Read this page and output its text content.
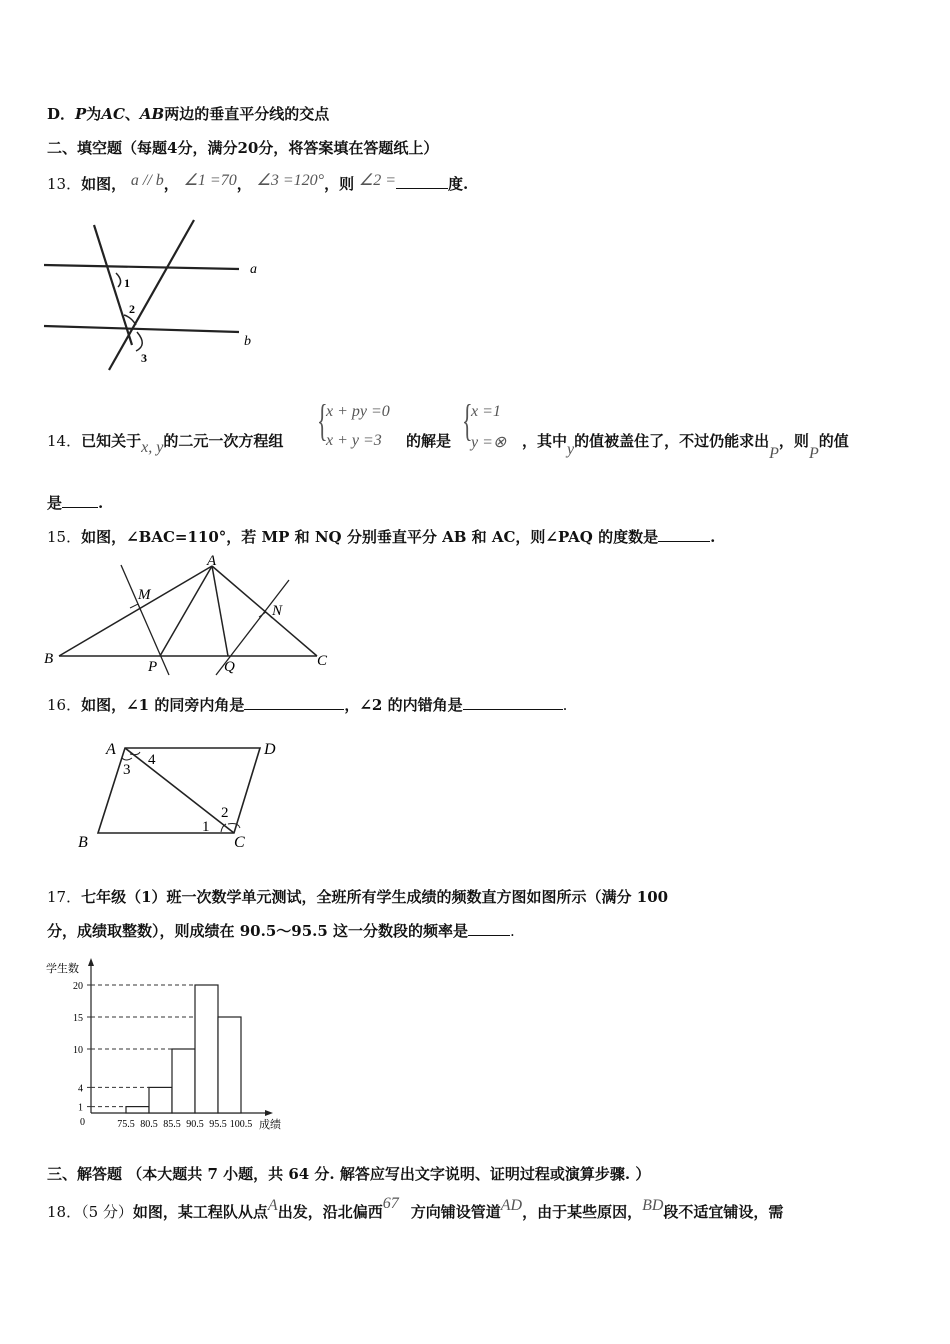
D．P为AC、AB两边的垂直平分线的交点
二、填空题（每题4分，满分20分，将答案填在答题纸上）
13．如图， a // b， ∠1 =70， ∠3 =120°，则 ∠2 =	度.
a
b
1
2
3
14．已知关于x, y的二元一次方程组 {
x + py =0
x + y =3 的解是 {
x =1
y =⊗ ，其中y的值被盖住了，不过仍能求出P，则P的值
是 .
15．如图，∠BAC=110°，若 MP 和 NQ 分别垂直平分 AB 和 AC，则∠PAQ 的度数是	.
A
B	C
M
N
P	Q
16．如图，∠1 的同旁内角是	，∠2 的内错角是	.
A	D
B	C
4
3
1
2
17．七年级（1）班一次数学单元测试，全班所有学生成绩的频数直方图如图所示（满分 100
分，成绩取整数），则成绩在 90.5～95.5 这一分数段的频率是	.
学生数
成绩
0
1
4
10
15
20
75.5 80.5 85.5 90.5 95.5 100.5
三、解答题 （本大题共 7 小题，共 64 分. 解答应写出文字说明、证明过程或演算步骤. ）
18．（5 分）如图，某工程队从点A出发，沿北偏西67 方向铺设管道AD，由于某些原因，BD段不适宜铺设，需
